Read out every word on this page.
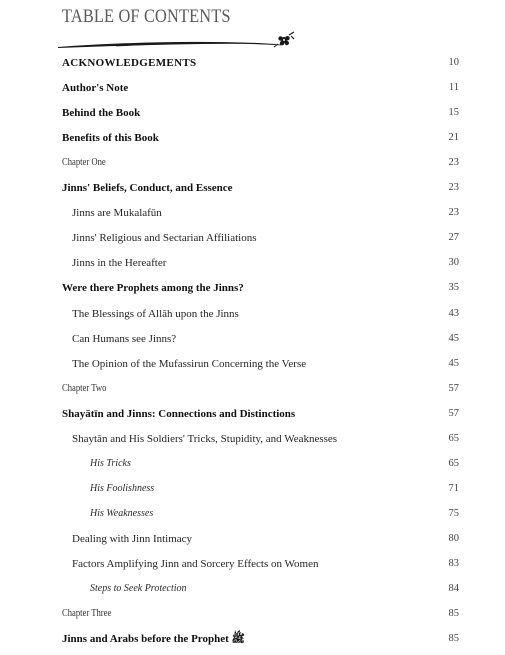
TABLE OF CONTENTS
ACKNOWLEDGEMENTS	10
Author's Note	11
Behind the Book	15
Benefits of this Book	21
Chapter One	23
Jinns' Beliefs, Conduct, and Essence	23
Jinns are Mukalafūn	23
Jinns' Religious and Sectarian Affiliations	27
Jinns in the Hereafter	30
Were there Prophets among the Jinns?	35
The Blessings of Allāh upon the Jinns	43
Can Humans see Jinns?	45
The Opinion of the Mufassirun Concerning the Verse	45
Chapter Two	57
Shayātīn and Jinns: Connections and Distinctions	57
Shaytān and His Soldiers' Tricks, Stupidity, and Weaknesses	65
His Tricks	65
His Foolishness	71
His Weaknesses	75
Dealing with Jinn Intimacy	80
Factors Amplifying Jinn and Sorcery Effects on Women	83
Steps to Seek Protection	84
Chapter Three	85
Jinns and Arabs before the Prophet ﷺ	85
